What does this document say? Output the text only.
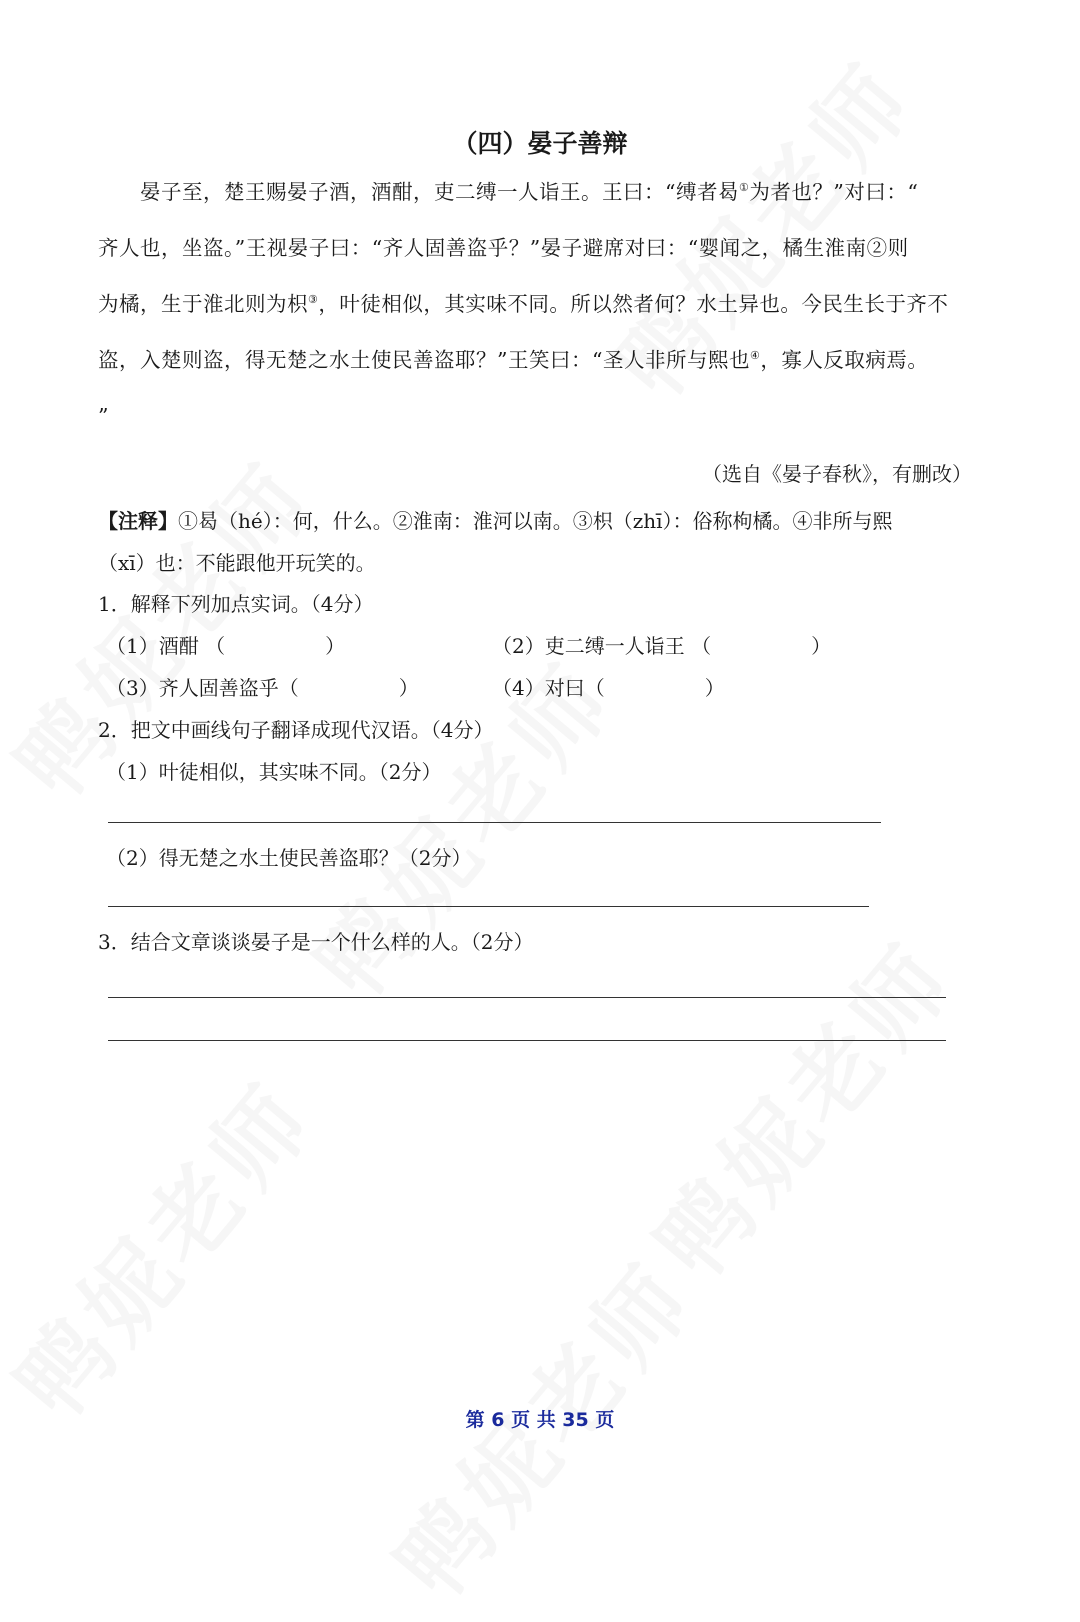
（四）晏子善辩
晏子至，楚王赐晏子酒，酒酣，吏二缚一人诣王。王曰：“缚者曷①为者也？”对曰：“
齐人也，坐盗。”王视晏子曰：“齐人固善盗乎？”晏子避席对曰：“婴闻之，橘生淮南②则
为橘，生于淮北则为枳③，叶徒相似，其实味不同。所以然者何？水土异也。今民生长于齐不
盗，入楚则盗，得无楚之水土使民善盗耶？”王笑曰：“圣人非所与熙也④，寡人反取病焉。
”
（选自《晏子春秋》，有删改）
【注释】①曷（hé）：何，什么。②淮南：淮河以南。③枳（zhī）：俗称枸橘。④非所与熙
（xī）也：不能跟他开玩笑的。
1．解释下列加点实词。（4分）
（1）酒酣 （　　　　　）	（2）吏二缚一人诣王 （　　　　　）
（3）齐人固善盗乎（　　　　　）	（4）对曰（　　　　　）
2．把文中画线句子翻译成现代汉语。（4分）
（1）叶徒相似，其实味不同。（2分）
（2）得无楚之水土使民善盗耶？（2分）
3．结合文章谈谈晏子是一个什么样的人。（2分）
第 6 页 共 35 页
